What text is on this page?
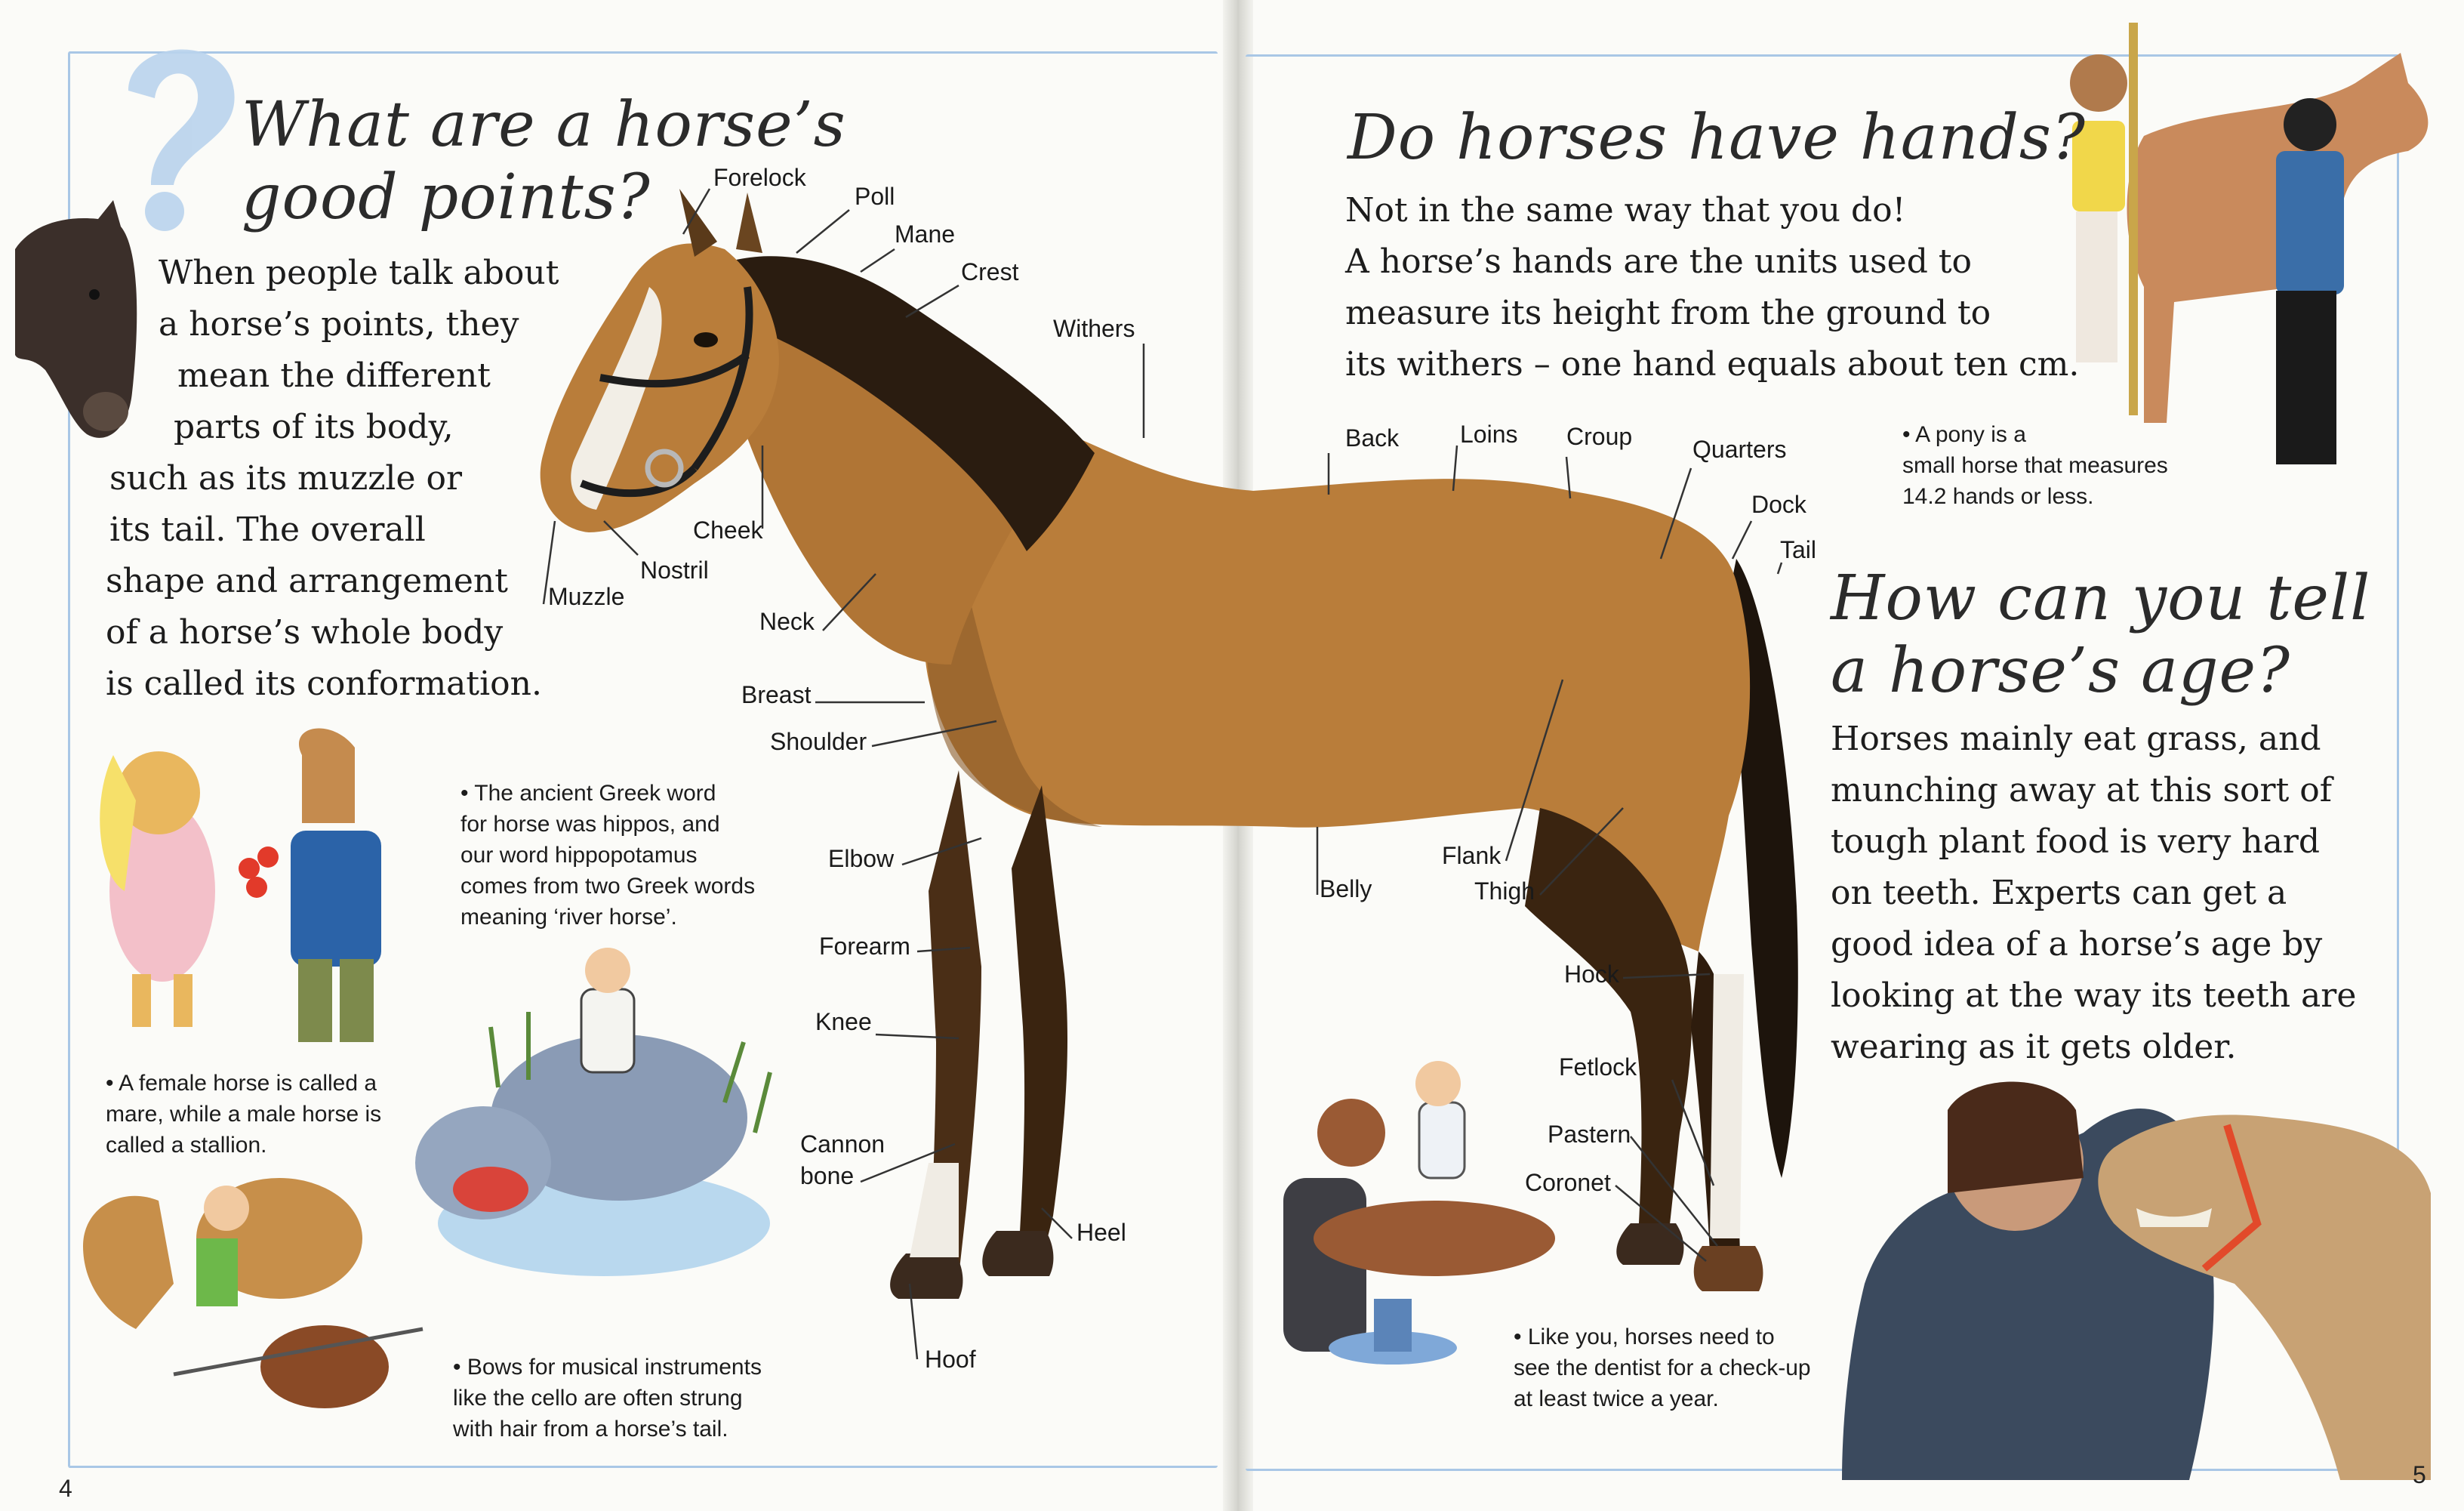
What are a horse’s
good points?
When people talk about
a horse’s points, they
mean the different
parts of its body,
such as its muzzle or
its tail. The overall
shape and arrangement
of a horse’s whole body
is called its conformation.
• The ancient Greek word
for horse was hippos, and
our word hippopotamus
comes from two Greek words
meaning ‘river horse’.
• A female horse is called a
mare, while a male horse is
called a stallion.
• Bows for musical instruments
like the cello are often strung
with hair from a horse’s tail.
4
Forelock
Poll
Mane
Crest
Withers
Cheek
Nostril
Muzzle
Neck
Breast
Shoulder
Elbow
Forearm
Knee
Cannon
bone
Heel
Hoof
Back	Loins Croup Quarters
Dock
Tail
Belly
Flank
Thigh
Hock
Fetlock
Pastern
Coronet
Do horses have hands?
Not in the same way that you do!
A horse’s hands are the units used to
measure its height from the ground to
its withers – one hand equals about ten cm.
• A pony is a
small horse that measures
14.2 hands or less.
How can you tell
a horse’s age?
Horses mainly eat grass, and
munching away at this sort of
tough plant food is very hard
on teeth. Experts can get a
good idea of a horse’s age by
looking at the way its teeth are
wearing as it gets older.
• Like you, horses need to
see the dentist for a check-up
at least twice a year.
5
